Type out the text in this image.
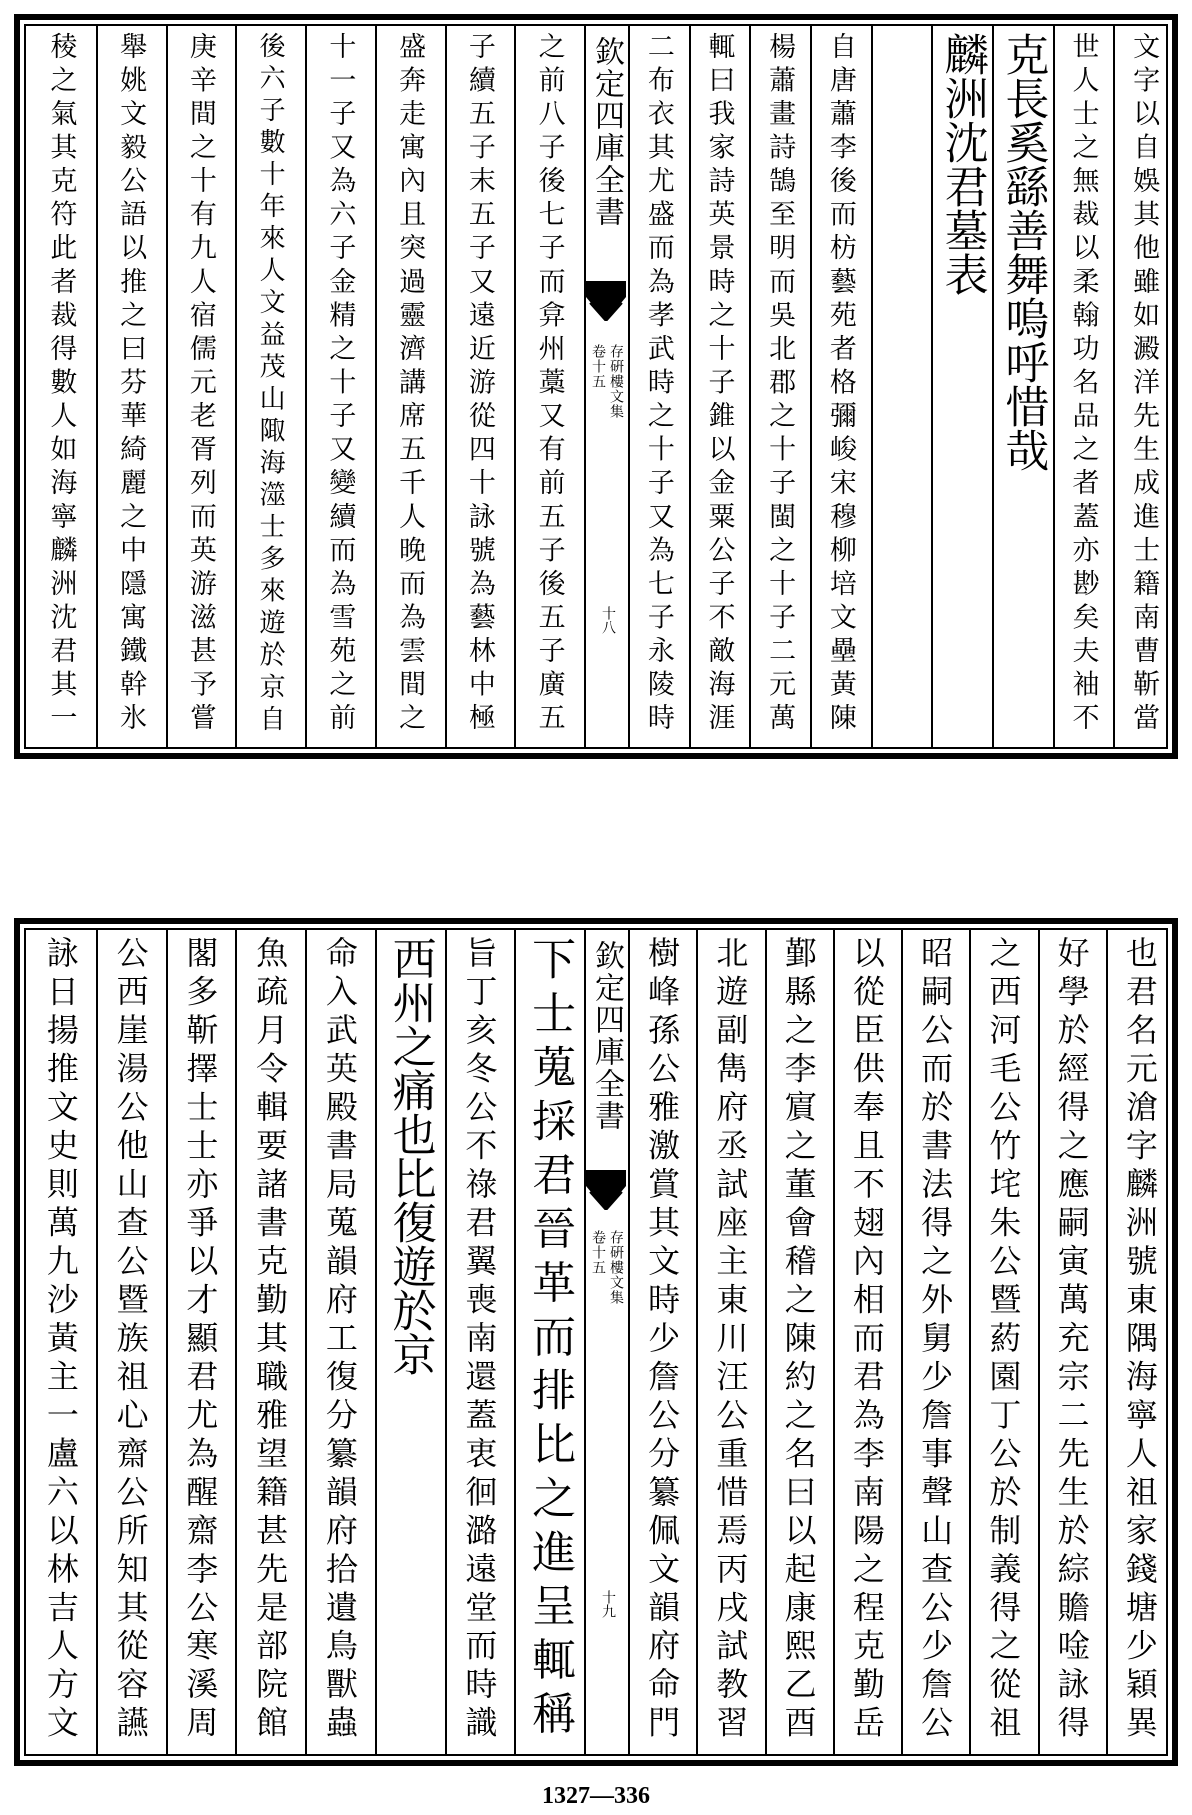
文字以自娛其他雖如澱洋先生成進士籍南曹靳當
世人士之無裁以柔翰功名品之者蓋亦尠矣夫袖不
克長奚繇善舞嗚呼惜哉
麟洲沈君墓表
自唐蕭李後而枋藝苑者格彌峻宋穆柳培文壘黃陳
楊蕭畫詩鵠至明而吳北郡之十子閩之十子二元萬
輒曰我家詩英景時之十子錐以金粟公子不敵海涯
二布衣其尤盛而為孝武時之十子又為七子永陵時
之前八子後七子而弇州藁又有前五子後五子廣五
子續五子末五子又遠近游從四十詠號為藝林中極
盛奔走寓內且突過靈濟講席五千人晚而為雲間之
十一子又為六子金精之十子又變續而為雪苑之前
後六子數十年來人文益茂山陬海澨士多來遊於京自
庚辛間之十有九人宿儒元老胥列而英游滋甚予嘗
舉姚文毅公語以推之曰芬華綺麗之中隱寓鐵幹氷
稜之氣其克符此者裁得數人如海寧麟洲沈君其一	欽定四庫全書
存硏樓文集
卷十五
十八
也君名元滄字麟洲號東隅海寧人祖家錢塘少穎異
好學於經得之應嗣寅萬充宗二先生於綜贍唫詠得
之西河毛公竹垞朱公暨葯園丁公於制義得之從祖
昭嗣公而於書法得之外舅少詹事聲山查公少詹公
以從臣供奉且不翅內相而君為李南陽之程克勤岳
鄞縣之李賔之董會稽之陳約之名曰以起康熙乙酉
北遊副雋府丞試座主東川汪公重惜焉丙戌試教習
樹峰孫公雅激賞其文時少詹公分纂佩文韻府命門
下士蒐採君晉革而排比之進呈輒稱
旨丁亥冬公不祿君翼喪南還蓋衷徊潞遠堂而時識
西州之痛也比復遊於京
命入武英殿書局蒐韻府工復分纂韻府拾遺鳥獸蟲
魚疏月令輯要諸書克勤其職雅望籍甚先是部院館
閣多靳擇士士亦爭以才顯君尤為醒齋李公寒溪周
公西崖湯公他山查公暨族祖心齋公所知其從容讌
詠日揚推文史則萬九沙黃主一盧六以林吉人方文	欽定四庫全書
存硏樓文集
卷十五
十九
1327—336
